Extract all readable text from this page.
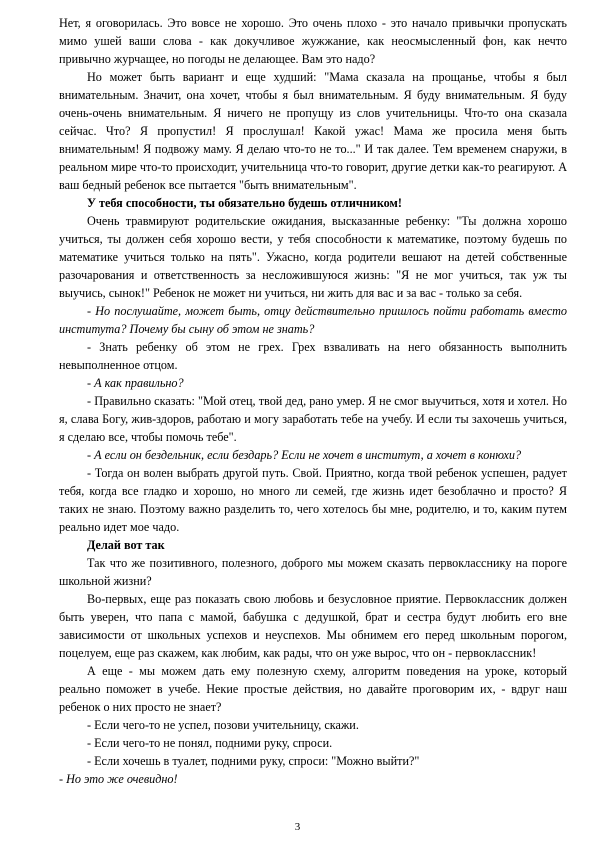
Нет, я оговорилась. Это вовсе не хорошо. Это очень плохо - это начало привычки пропускать мимо ушей ваши слова - как докучливое жужжание, как неосмысленный фон, как нечто привычно журчащее, но погоды не делающее. Вам это надо?

Но может быть вариант и еще худший: "Мама сказала на прощанье, чтобы я был внимательным. Значит, она хочет, чтобы я был внимательным. Я буду внимательным. Я буду очень-очень внимательным. Я ничего не пропущу из слов учительницы. Что-то она сказала сейчас. Что? Я пропустил! Я прослушал! Какой ужас! Мама же просила меня быть внимательным! Я подвожу маму. Я делаю что-то не то..." И так далее. Тем временем снаружи, в реальном мире что-то происходит, учительница что-то говорит, другие детки как-то реагируют. А ваш бедный ребенок все пытается "быть внимательным".

У тебя способности, ты обязательно будешь отличником!

Очень травмируют родительские ожидания, высказанные ребенку: "Ты должна хорошо учиться, ты должен себя хорошо вести, у тебя способности к математике, поэтому будешь по математике учиться только на пять". Ужасно, когда родители вешают на детей собственные разочарования и ответственность за несложившуюся жизнь: "Я не мог учиться, так уж ты выучись, сынок!" Ребенок не может ни учиться, ни жить для вас и за вас - только за себя.

- Но послушайте, может быть, отцу действительно пришлось пойти работать вместо института? Почему бы сыну об этом не знать?

- Знать ребенку об этом не грех. Грех взваливать на него обязанность выполнить невыполненное отцом.

- А как правильно?

- Правильно сказать: "Мой отец, твой дед, рано умер. Я не смог выучиться, хотя и хотел. Но я, слава Богу, жив-здоров, работаю и могу заработать тебе на учебу. И если ты захочешь учиться, я сделаю все, чтобы помочь тебе".

- А если он бездельник, если бездарь? Если не хочет в институт, а хочет в конюхи?

- Тогда он волен выбрать другой путь. Свой. Приятно, когда твой ребенок успешен, радует тебя, когда все гладко и хорошо, но много ли семей, где жизнь идет безоблачно и просто? Я таких не знаю. Поэтому важно разделить то, чего хотелось бы мне, родителю, и то, каким путем реально идет мое чадо.

Делай вот так

Так что же позитивного, полезного, доброго мы можем сказать первокласснику на пороге школьной жизни?

Во-первых, еще раз показать свою любовь и безусловное приятие. Первоклассник должен быть уверен, что папа с мамой, бабушка с дедушкой, брат и сестра будут любить его вне зависимости от школьных успехов и неуспехов. Мы обнимем его перед школьным порогом, поцелуем, еще раз скажем, как любим, как рады, что он уже вырос, что он - первоклассник!

А еще - мы можем дать ему полезную схему, алгоритм поведения на уроке, который реально поможет в учебе. Некие простые действия, но давайте проговорим их, - вдруг наш ребенок о них просто не знает?

- Если чего-то не успел, позови учительницу, скажи.

- Если чего-то не понял, подними руку, спроси.

- Если хочешь в туалет, подними руку, спроси: "Можно выйти?"

- Но это же очевидно!

3
